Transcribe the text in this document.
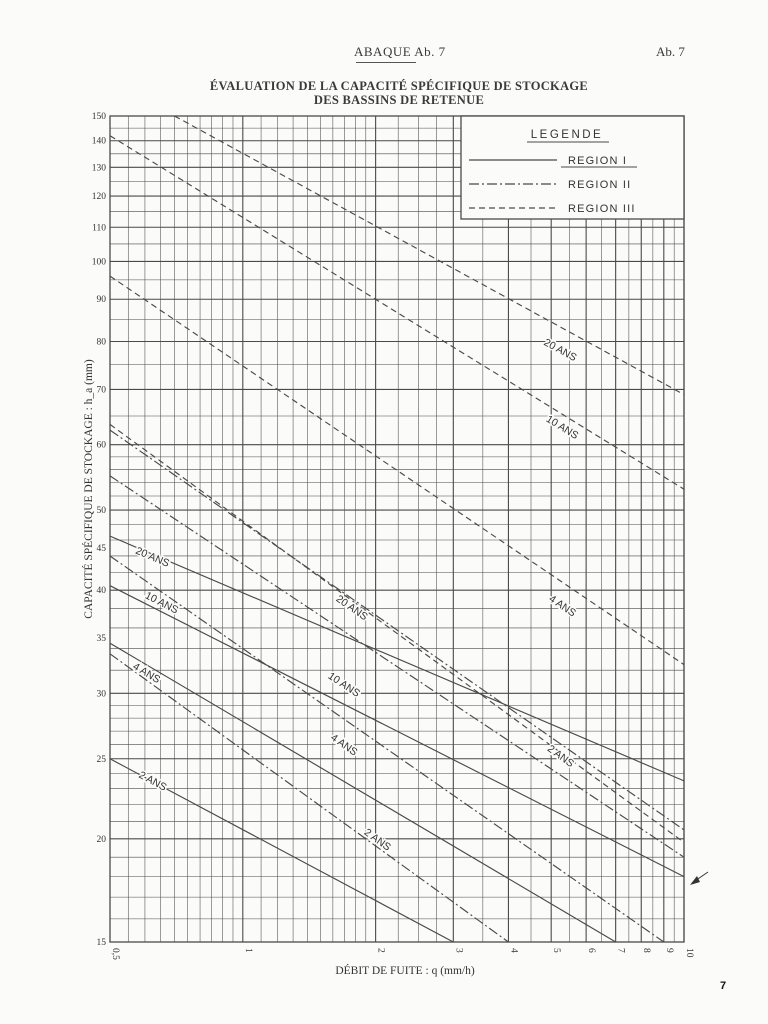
ABAQUE Ab. 7	Ab. 7
ÉVALUATION DE LA CAPACITÉ SPÉCIFIQUE DE STOCKAGE
DES BASSINS DE RETENUE
20 ANS
10 ANS
4 ANS
2 ANS
20 ANS
10 ANS
4 ANS
2 ANS
20 ANS
10 ANS
4 ANS
2 ANS
15
20
25
30
35
40
45
50
60
70
80
90
100
110
120
130
140
150
0,5	1	2	3	4	5	6 7 8 9 10
DÉBIT DE FUITE : q (mm/h)
CAPACITÉ SPÉCIFIQUE DE STOCKAGE : h_a (mm)
LEGENDE
REGION I
REGION II
REGION III
7
